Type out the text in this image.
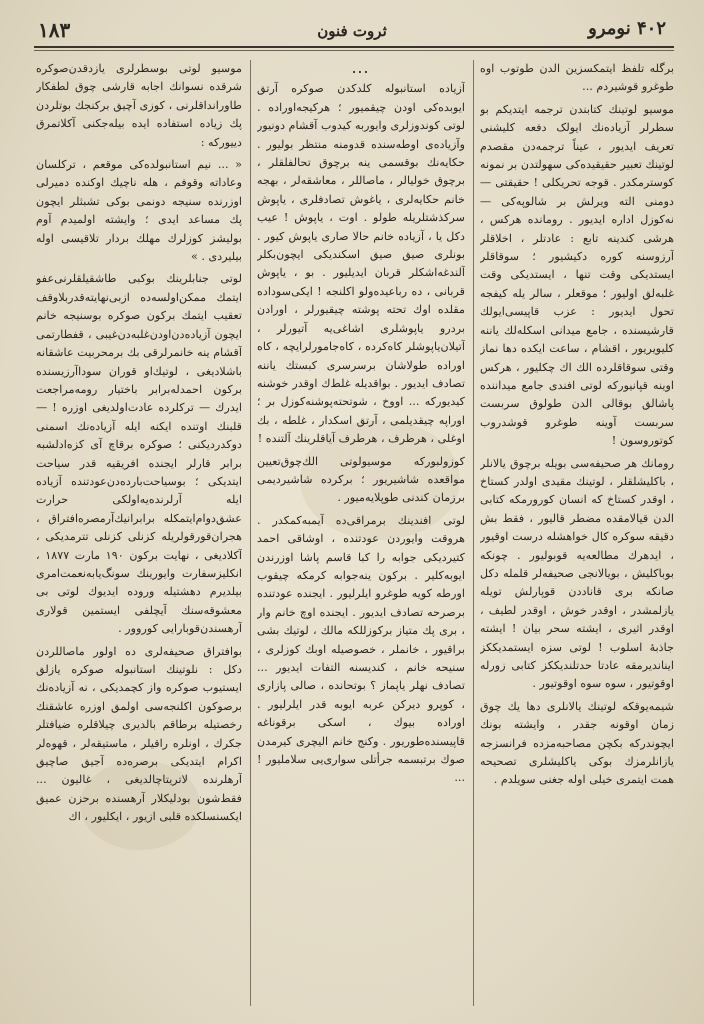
۴۰۲ نومرو
ثروت فنون
۱۸۳

برگله تلفظ ایتمکسزین الدن طوتوب اوه طوغرو قوشیردم ...

موسیو لوتینك کتابندن ترجمه ایتدیکم بو سطرلر آزیاده‌نك ایولک دفعه کلیشنی تعریف ایدیور ، عیناً ترجمه‌دن مقصدم لوتینك تعبیر حقیقیده‌کی سهولتدن بر نمونه کوسترمکدر . قوجه تحریکلی ! حقیقتی — دومنی الته ویرلش بر شالوپه‌کی — نه‌کوزل اداره ایدیور . رومانده هرکس ، هرشی کندینه تابع : عادتلر ، اخلاقلر آرزوسنه کوره دکیشیور ؛ سوقاقلر ایستدیکی وقت تنها ، ایستدیکی وقت غلبه‌لق اولیور ؛ موقعلر ، سالر یله کیفجه تحول ایدیور : عزب قاپیسی‌ایولك قارشیسنده ، جامع میدانی اسکله‌لك یاننه کلیویریور ، اقشام ، ساعت ایکده دها نماز وقتی سوقاقلرده الك اك چکلیور ، هرکس اوینه قپانیورکه لوتی افندی جامع میداننده پاشالق بوقالی الدن طولوق سربست سربست آوینه طوغرو قوشدروب کوتوروسون !

رومانك هر صحیفه‌سی بویله برچوق یالانلر ، باکلیشلقلر ، لوتینك مقیدی اولدر کستاخ ، اوقدر کستاخ که انسان کورورمکه کتابی الدن قیالامقده مضطر قالیور ، فقط بش دقیقه سوکره کال خواهشله درست اوقیور ، ایدهرك مطالعه‌یه قوبولیور . چونکه بوباکلیش ، بویالانجی صحیفه‌لر قلمله دکل صانکه بری قاناددن قوپارلش تویله یازلمشدر ، اوقدر خوش ، اوقدر لطیف ، اوقدر اثیری ، ایشته سحر بیان ! ایشته جاذبهٔ اسلوب ! لوتی سزه ایستمدیککز ایناندیرمقه عادتا حدتلندیککز کتابی زورله اوقوتیور ، سوه سوه اوقوتیور .

شیمه‌یوقکه لوتینك یالانلری دها یك چوق زمان اوقونه جقدر ، وایشته بونك ایچوندرکه بکچن مصاحبه‌مزده فرانسزجه یازانلرمزك بوکی یاکلیشلری تصحیحه همت ایتمری خیلی اوله جغنی سویلدم .

...

آزیاده استانبوله کلدکدن صوکره آرتق ایوبده‌کی اودن چیقمیور ؛ هرکیجه‌اوراده . لوتی کوندوزلری وایوربه کیدوب آقشام دونیور وآزیاده‌ی اوطه‌سنده قدومنه منتظر بولیور . حکایه‌نك بوقسمی ینه برچوق تحالفلقلر ، برچوق خولیالر ، ماصاللر ، معاشقه‌لر ، بهجه خانم حکایه‌لری ، یاغوش تصادفلری ، یاپوش سرکذشتلریله طولو . اوت ، یاپوش ! عیب دکل یا ، آزیاده خانم حالا صاری یاپوش کیور . بونلری صیق صیق اسکندیکی ایچون‌بکلر آلند‌غه‌اشکلر قربان ایدیلیور . بو ، یاپوش قربانی ، ده رباعیده‌ولو اکلنجه ! ایکی‌سوداده مقلده اوك تحته پوشته چیقیورلر ، اورادن بردرو یاپوشلری اشاغی‌یه آتیورلر ، آتیلان‌یاپوشلر کاه‌کرده ، کاه‌جامورلرایچه ، کاه اوراده طولاشان برسرسری کبستك یاننه تصادف ایدیور . بواقدیله‌ غلط‌ك اوقدر خوشنه کیدیورکه ... اووخ ، شوتحته‌پوشنه‌کوزل بر ؛ اوراپه چیقدیلمی ، آرتق اسکدار ، غلطه ، بك اوغلی ، هرطرف ، هرطرف آیاقلرینك آلتنده !

کوزولبورکه موسیولوتی الك‌چوق‌تعیین مواقعده شاشیریور ؛ برکرده شاشیردیمی برزمان کندنی طوپلایه‌میور .

لوتی افندینك برمراقی‌ده آیمبه‌کمکدر . هروقت وایوردن عودتنده ، اوشاقی احمد کتیردیکی جوابه‌ را کبا قاسم‌ پاشا اوزرندن ایوبه‌کلیر . برکون ینه‌جوابه ‌کرمکه ‌چیقوب اورطه کویه طوغرو ایلرلیور . ایجنده عودتنده برصرحه‌ تصادف ایدیور . ایجنده اوچ خانم وار ، بری پك متیاز برکوزللکه مالك ، لوتیك بشی براقیور ، خانملر ، خصوصیله اوبك کوزلری ، سنیحه خانم ، کندیسنه التفات ایدیور ... تصادف نهلر یاپماز ؟ بوتحانده ، صالی پازاری ، کوپرو دیرکن عربه ایوبه قدر ایلرلیور . اوراده بیوك ، اسکی برقوناغه قاپیسنده‌طوریور . وکنج خانم‌ الیچری کیرمدن صوك برتبسمه جرأتلی سواری‌یی سلاملیور ! ...

موسیو لوتی بوسطرلری یازدقدن‌صوکره شرقده نسوانك اجابه قارشی چوق لطفکار طاورانداقلرنی ، کوزی آچیق برکنجك بوتلردن پك زیاده استفاده ایده بیله‌جکنی آکلاتمرق دییورکه :

« ... نیم استانبولده‌کی موقعم ، ترکلسان وعاداته وقوفم ، هله ناچیك اوکنده دمیرلی اوزرنده سنیجه دونمی بوکی تشبثلر ایچون پك مساعد ایدی ؛ وایشته اولمیدم آوم بولیشز کوزلرك مهلك بردار تلاقیسی اوله بیلیردی . »

لوتی جنابلرینك بوکبی طاشقیلقلرنی‌عفو ایتمك ممکن‌اولسه‌ده‌ ازبی‌نهایته‌قدر‌بلا‌وقف تعقیب ایتمك برکون صوکره بوسنیجه خانم ایچون آزیاده‌دن‌اودن‌غلبه‌دن‌غیبی ، قفطارتمی آقشام ینه‌ خانمرلرقی بك برمحربیت‌ عاشقانه باشلادیغی ، لوتیك‌او قوران‌ سوداآرزیسنده برکون احمدله‌برابر باختیار رومه‌مراجعت ایدرك — ترکلرده عادت‌اولدیغی اوزره ! — قلبنك اوتنده ایکنه ایله آزیاده‌نك اسمنی دوکدردیکنی ؛ صوکره برقاچ‌ آی کزه‌ادلشبه برابر قارلر ایجنده افریقیه قدر سیاحت ایتدیکی ؛ بوسیاحت‌بارده‌دن‌عودتنده آزیاده ایله آرلرنده‌یه‌اولکی حرارت‌ عشق‌دوام‌ایتمکله برابر‌انیك‌آرمصره‌افتراق ، هجران‌قورقولریله کزنلی کزنلی تترمدیکی ، آکلادیغی ، نهایت برکون ۱۹۰ مارت ۱۸۷۷ ، انکلیزسفارت وایورینك سونگ‌یابه‌نعمت‌امری بیلدیرم دهشتیله وروده ایدیوك لوتی بی معشوقه‌سنك آیچلفی‌ ایستمین قولاری آرهسندن‌قوبارایی کوروور .

بوافتراق صحیفه‌لری ده اولور ماصاللردن دکل : نلوتینك استانبوله‌ صوکره یازلق ایستیوب صوکره واز کچمدیکی ، نه آزیاده‌نك برصوکون اکلنجه‌سی اولمق اوزره عاشقنك رخصتیله برطاقم بالدیری چیلاقلره ضیافتلر جکرك ، اونلره راقیلر ، ماستیقه‌لر ، قهوه‌لر اکرام ایتدیکی برصره‌ده آجیق صاچیق‌ آرهلرنده لاتریتا‌چالدیغی ، غالیون ... فقط‌شون بودلیکلار آرهسنده برحزن عمیق ایکسنسلکده قلبی ازیور ، ایکلیور ، اك
